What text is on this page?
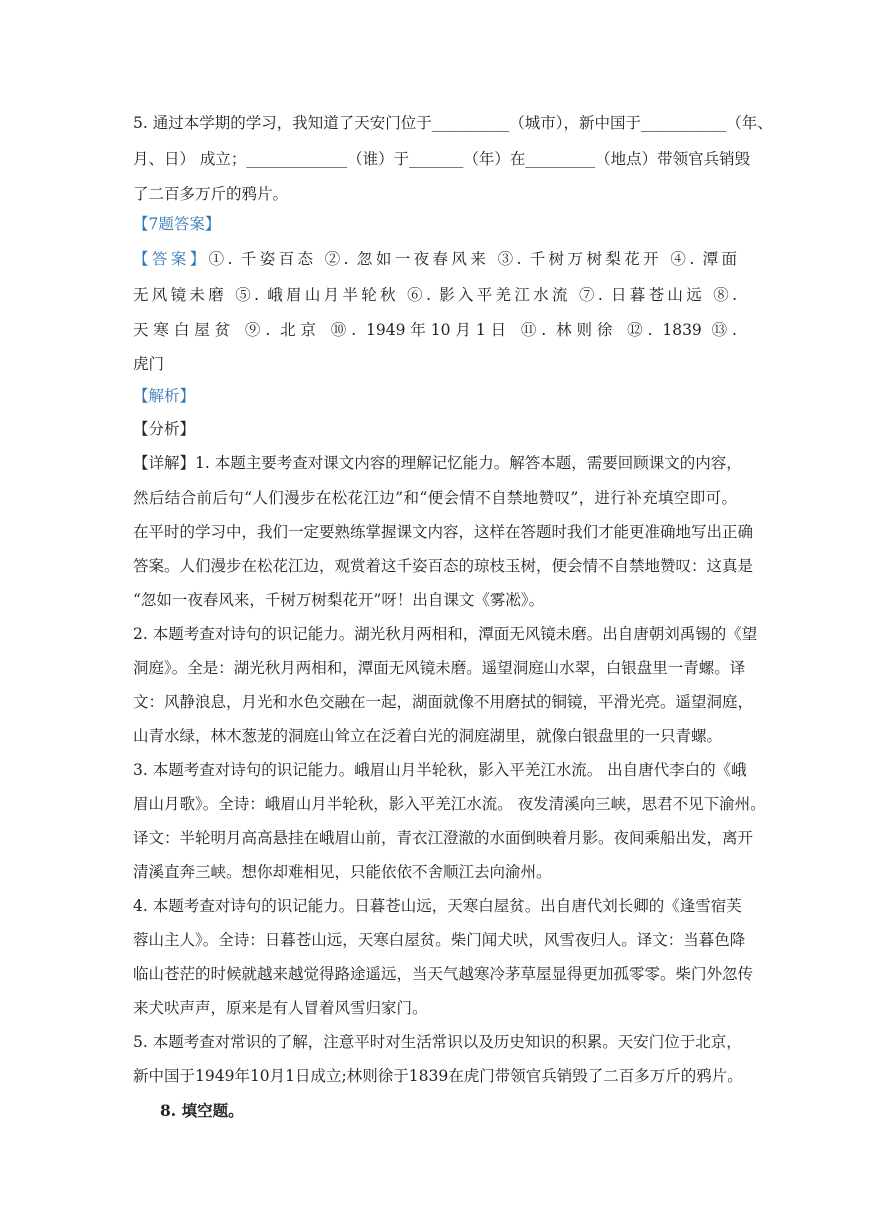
5. 通过本学期的学习，我知道了天安门位于__________（城市），新中国于___________（年、
月、日） 成立；_____________（谁）于_______（年）在_________（地点）带领官兵销毁
了二百多万斤的鸦片。
【7题答案】
【答案】①. 千姿百态 ②. 忽如一夜春风来 ③. 千树万树梨花开 ④. 潭面
无风镜未磨 ⑤. 峨眉山月半轮秋 ⑥. 影入平羌江水流 ⑦. 日暮苍山远 ⑧.
天寒白屋贫 ⑨. 北京 ⑩. 1949年10月1日 ⑪. 林则徐 ⑫. 1839 ⑬.
虎门
【解析】
【分析】
【详解】1. 本题主要考查对课文内容的理解记忆能力。解答本题，需要回顾课文的内容，
然后结合前后句“人们漫步在松花江边”和“便会情不自禁地赞叹”，进行补充填空即可。
在平时的学习中，我们一定要熟练掌握课文内容，这样在答题时我们才能更准确地写出正确
答案。人们漫步在松花江边，观赏着这千姿百态的琼枝玉树，便会情不自禁地赞叹：这真是
“忽如一夜春风来，千树万树梨花开”呀！出自课文《雾凇》。
2. 本题考查对诗句的识记能力。湖光秋月两相和，潭面无风镜未磨。出自唐朝刘禹锡的《望
洞庭》。全是：湖光秋月两相和，潭面无风镜未磨。遥望洞庭山水翠，白银盘里一青螺。译
文：风静浪息，月光和水色交融在一起，湖面就像不用磨拭的铜镜，平滑光亮。遥望洞庭，
山青水绿，林木葱茏的洞庭山耸立在泛着白光的洞庭湖里，就像白银盘里的一只青螺。
3. 本题考查对诗句的识记能力。峨眉山月半轮秋，影入平羌江水流。 出自唐代李白的《峨
眉山月歌》。全诗：峨眉山月半轮秋，影入平羌江水流。 夜发清溪向三峡，思君不见下渝州。
译文：半轮明月高高悬挂在峨眉山前，青衣江澄澈的水面倒映着月影。夜间乘船出发，离开
清溪直奔三峡。想你却难相见，只能依依不舍顺江去向渝州。
4. 本题考查对诗句的识记能力。日暮苍山远，天寒白屋贫。出自唐代刘长卿的《逢雪宿芙
蓉山主人》。全诗：日暮苍山远，天寒白屋贫。柴门闻犬吠，风雪夜归人。译文：当暮色降
临山苍茫的时候就越来越觉得路途遥远，当天气越寒冷茅草屋显得更加孤零零。柴门外忽传
来犬吠声声，原来是有人冒着风雪归家门。
5. 本题考查对常识的了解，注意平时对生活常识以及历史知识的积累。天安门位于北京，
新中国于1949年10月1日成立;林则徐于1839在虎门带领官兵销毁了二百多万斤的鸦片。
8. 填空题。
